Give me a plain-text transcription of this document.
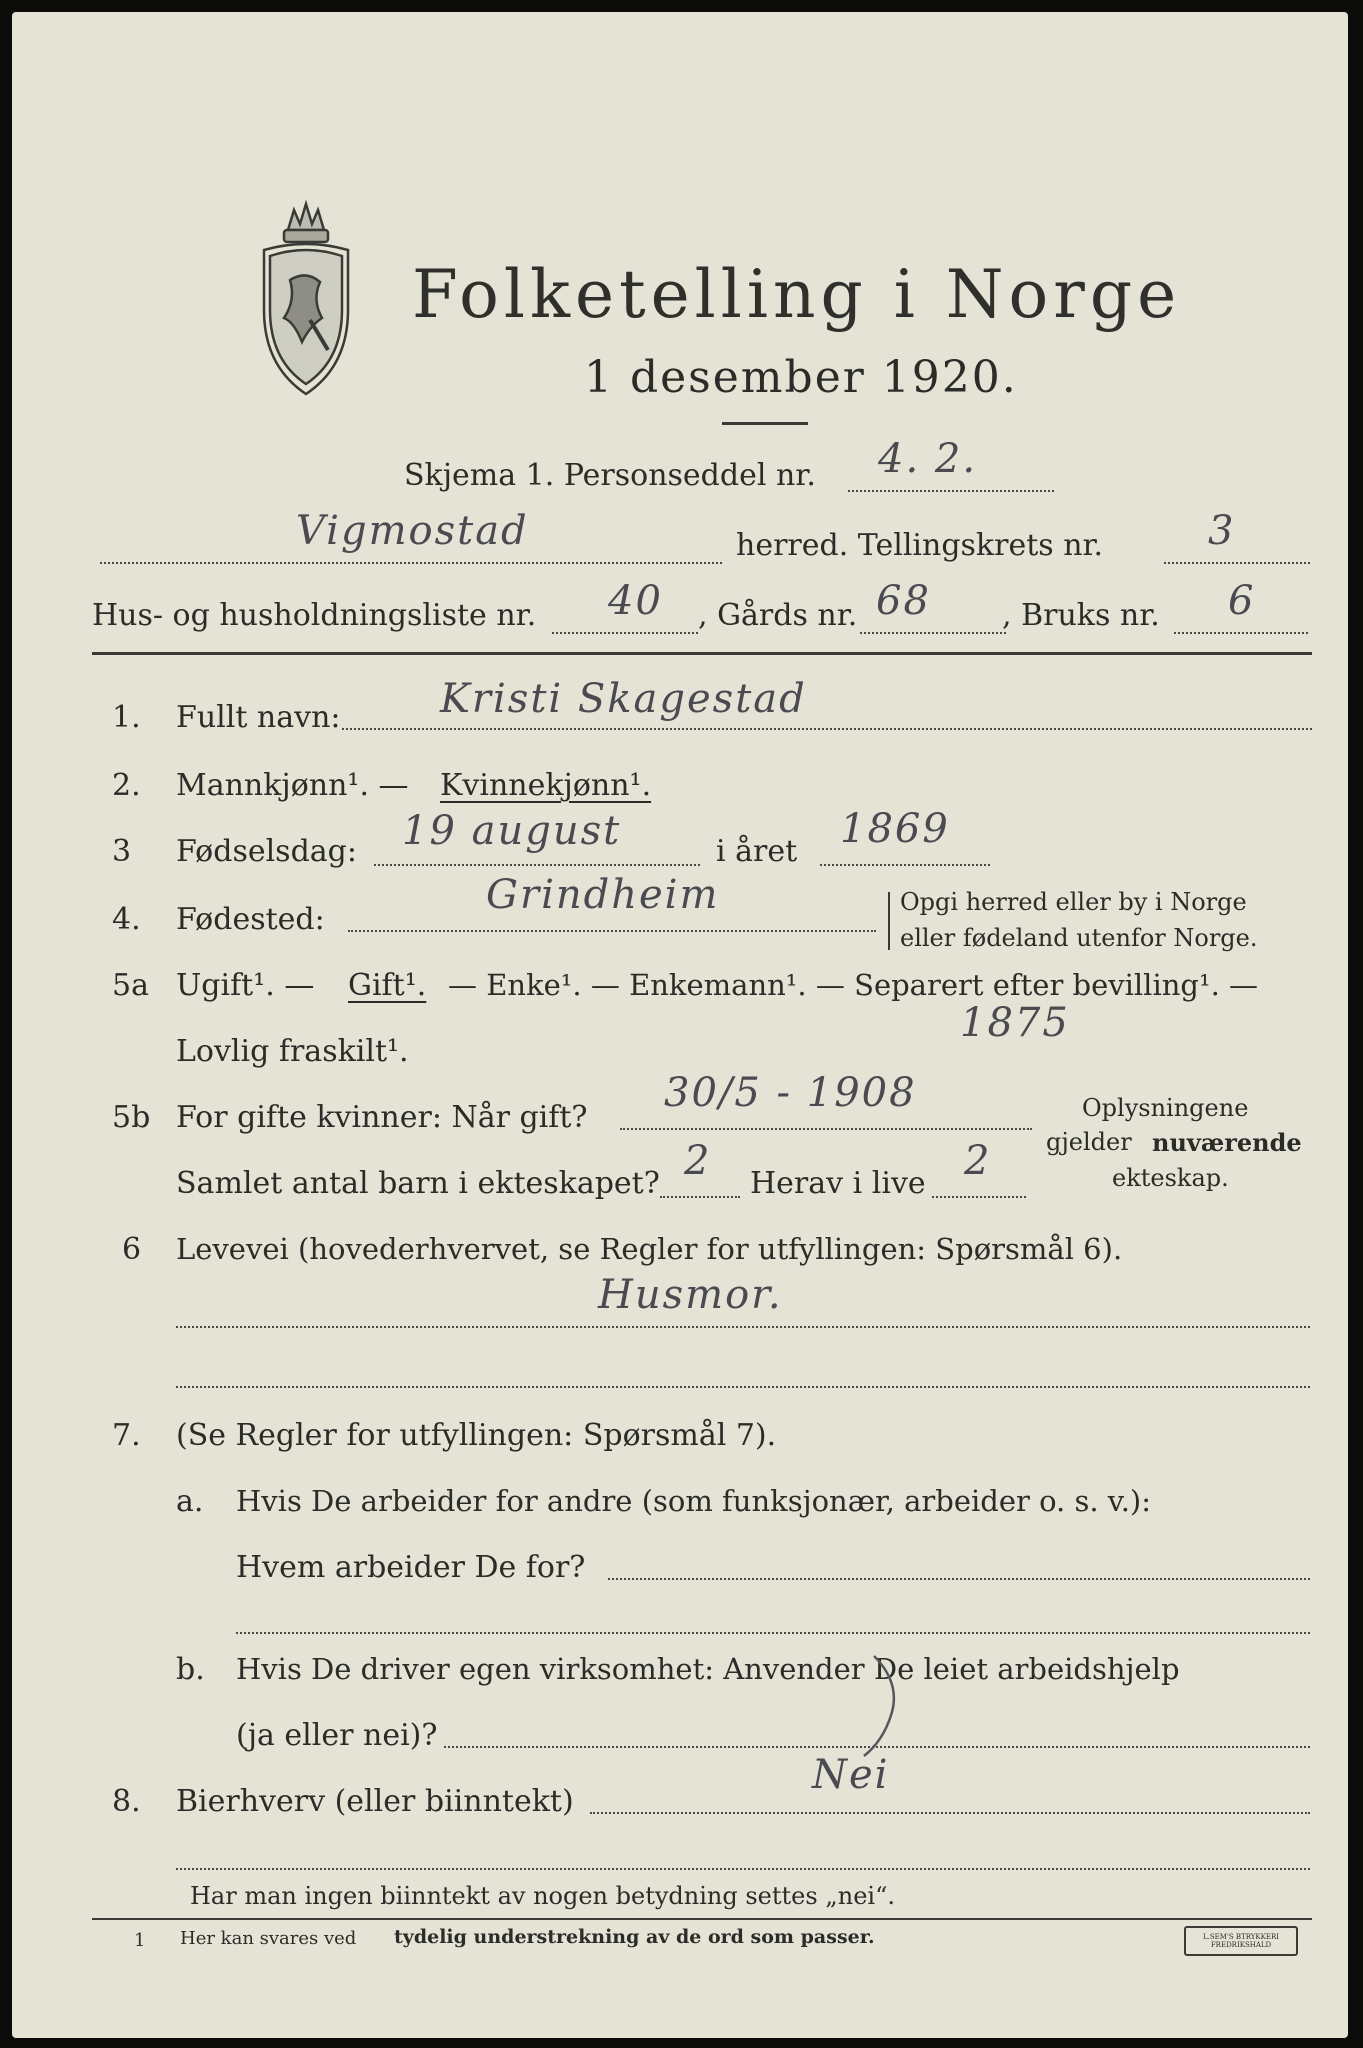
Folketelling i Norge
1 desember 1920.
Skjema 1. Personseddel nr. 4. 2.
Vigmostad	herred. Tellingskrets nr.	3
Hus- og husholdningsliste nr. 40 , Gårds nr. 68 , Bruks nr. 6
1. Fullt navn: Kristi Skagestad
2. Mannkjønn¹. — Kvinnekjønn¹.
3 Fødselsdag: 19 august	i året 1869
4. Fødested:
Grindheim	Opgi herred eller by i Norge
eller fødeland utenfor Norge.
5a Ugift¹. — Gift¹. — Enke¹. — Enkemann¹. — Separert efter bevilling¹. —
Lovlig fraskilt¹.
1875
5b For gifte kvinner: Når gift?
30/5 - 1908
Samlet antal barn i ekteskapet? 2 Herav i live 2
Oplysningene
gjelder nuværende
ekteskap.
6 Levevei (hovederhvervet, se Regler for utfyllingen: Spørsmål 6).
Husmor.
7. (Se Regler for utfyllingen: Spørsmål 7).
a. Hvis De arbeider for andre (som funksjonær, arbeider o. s. v.):
Hvem arbeider De for?
b. Hvis De driver egen virksomhet: Anvender De leiet arbeidshjelp
(ja eller nei)?
8. Bierhverv (eller biinntekt)
Nei
Har man ingen biinntekt av nogen betydning settes „nei“.
1 Her kan svares ved tydelig understrekning av de ord som passer.	L.SEM'S BTRYKKERI FREDRIKSHALD
